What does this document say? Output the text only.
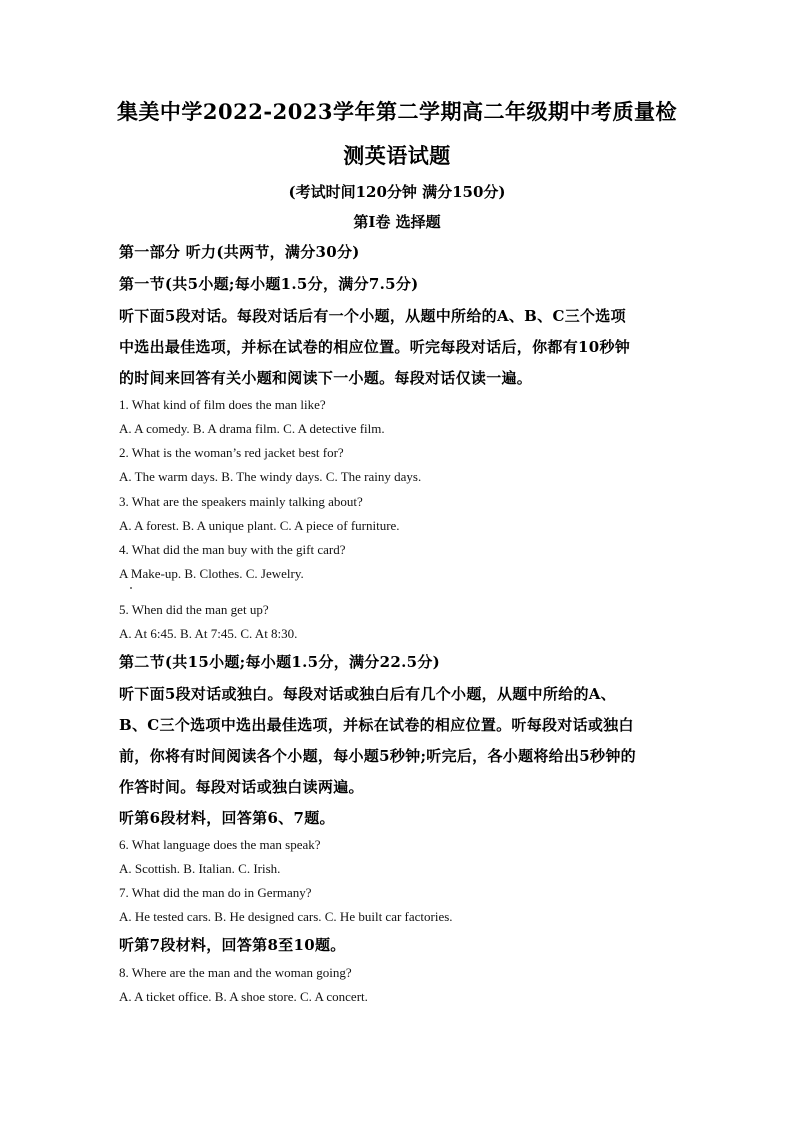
集美中学2022-2023学年第二学期高二年级期中考质量检
测英语试题
(考试时间120分钟 满分150分)
第I卷 选择题
第一部分 听力(共两节，满分30分)
第一节(共5小题;每小题1.5分，满分7.5分)
听下面5段对话。每段对话后有一个小题，从题中所给的A、B、C三个选项
中选出最佳选项，并标在试卷的相应位置。听完每段对话后，你都有10秒钟
的时间来回答有关小题和阅读下一小题。每段对话仅读一遍。
1. What kind of film does the man like?
A. A comedy. B. A drama film. C. A detective film.
2. What is the woman’s red jacket best for?
A. The warm days. B. The windy days. C. The rainy days.
3. What are the speakers mainly talking about?
A. A forest. B. A unique plant. C. A piece of furniture.
4. What did the man buy with the gift card?
A Make-up. B. Clothes. C. Jewelry.
5. When did the man get up?
A. At 6:45. B. At 7:45. C. At 8:30.
第二节(共15小题;每小题1.5分，满分22.5分)
听下面5段对话或独白。每段对话或独白后有几个小题，从题中所给的A、
B、C三个选项中选出最佳选项，并标在试卷的相应位置。听每段对话或独白
前，你将有时间阅读各个小题，每小题5秒钟;听完后，各小题将给出5秒钟的
作答时间。每段对话或独白读两遍。
听第6段材料，回答第6、7题。
6. What language does the man speak?
A. Scottish. B. Italian. C. Irish.
7. What did the man do in Germany?
A. He tested cars. B. He designed cars. C. He built car factories.
听第7段材料，回答第8至10题。
8. Where are the man and the woman going?
A. A ticket office. B. A shoe store. C. A concert.
